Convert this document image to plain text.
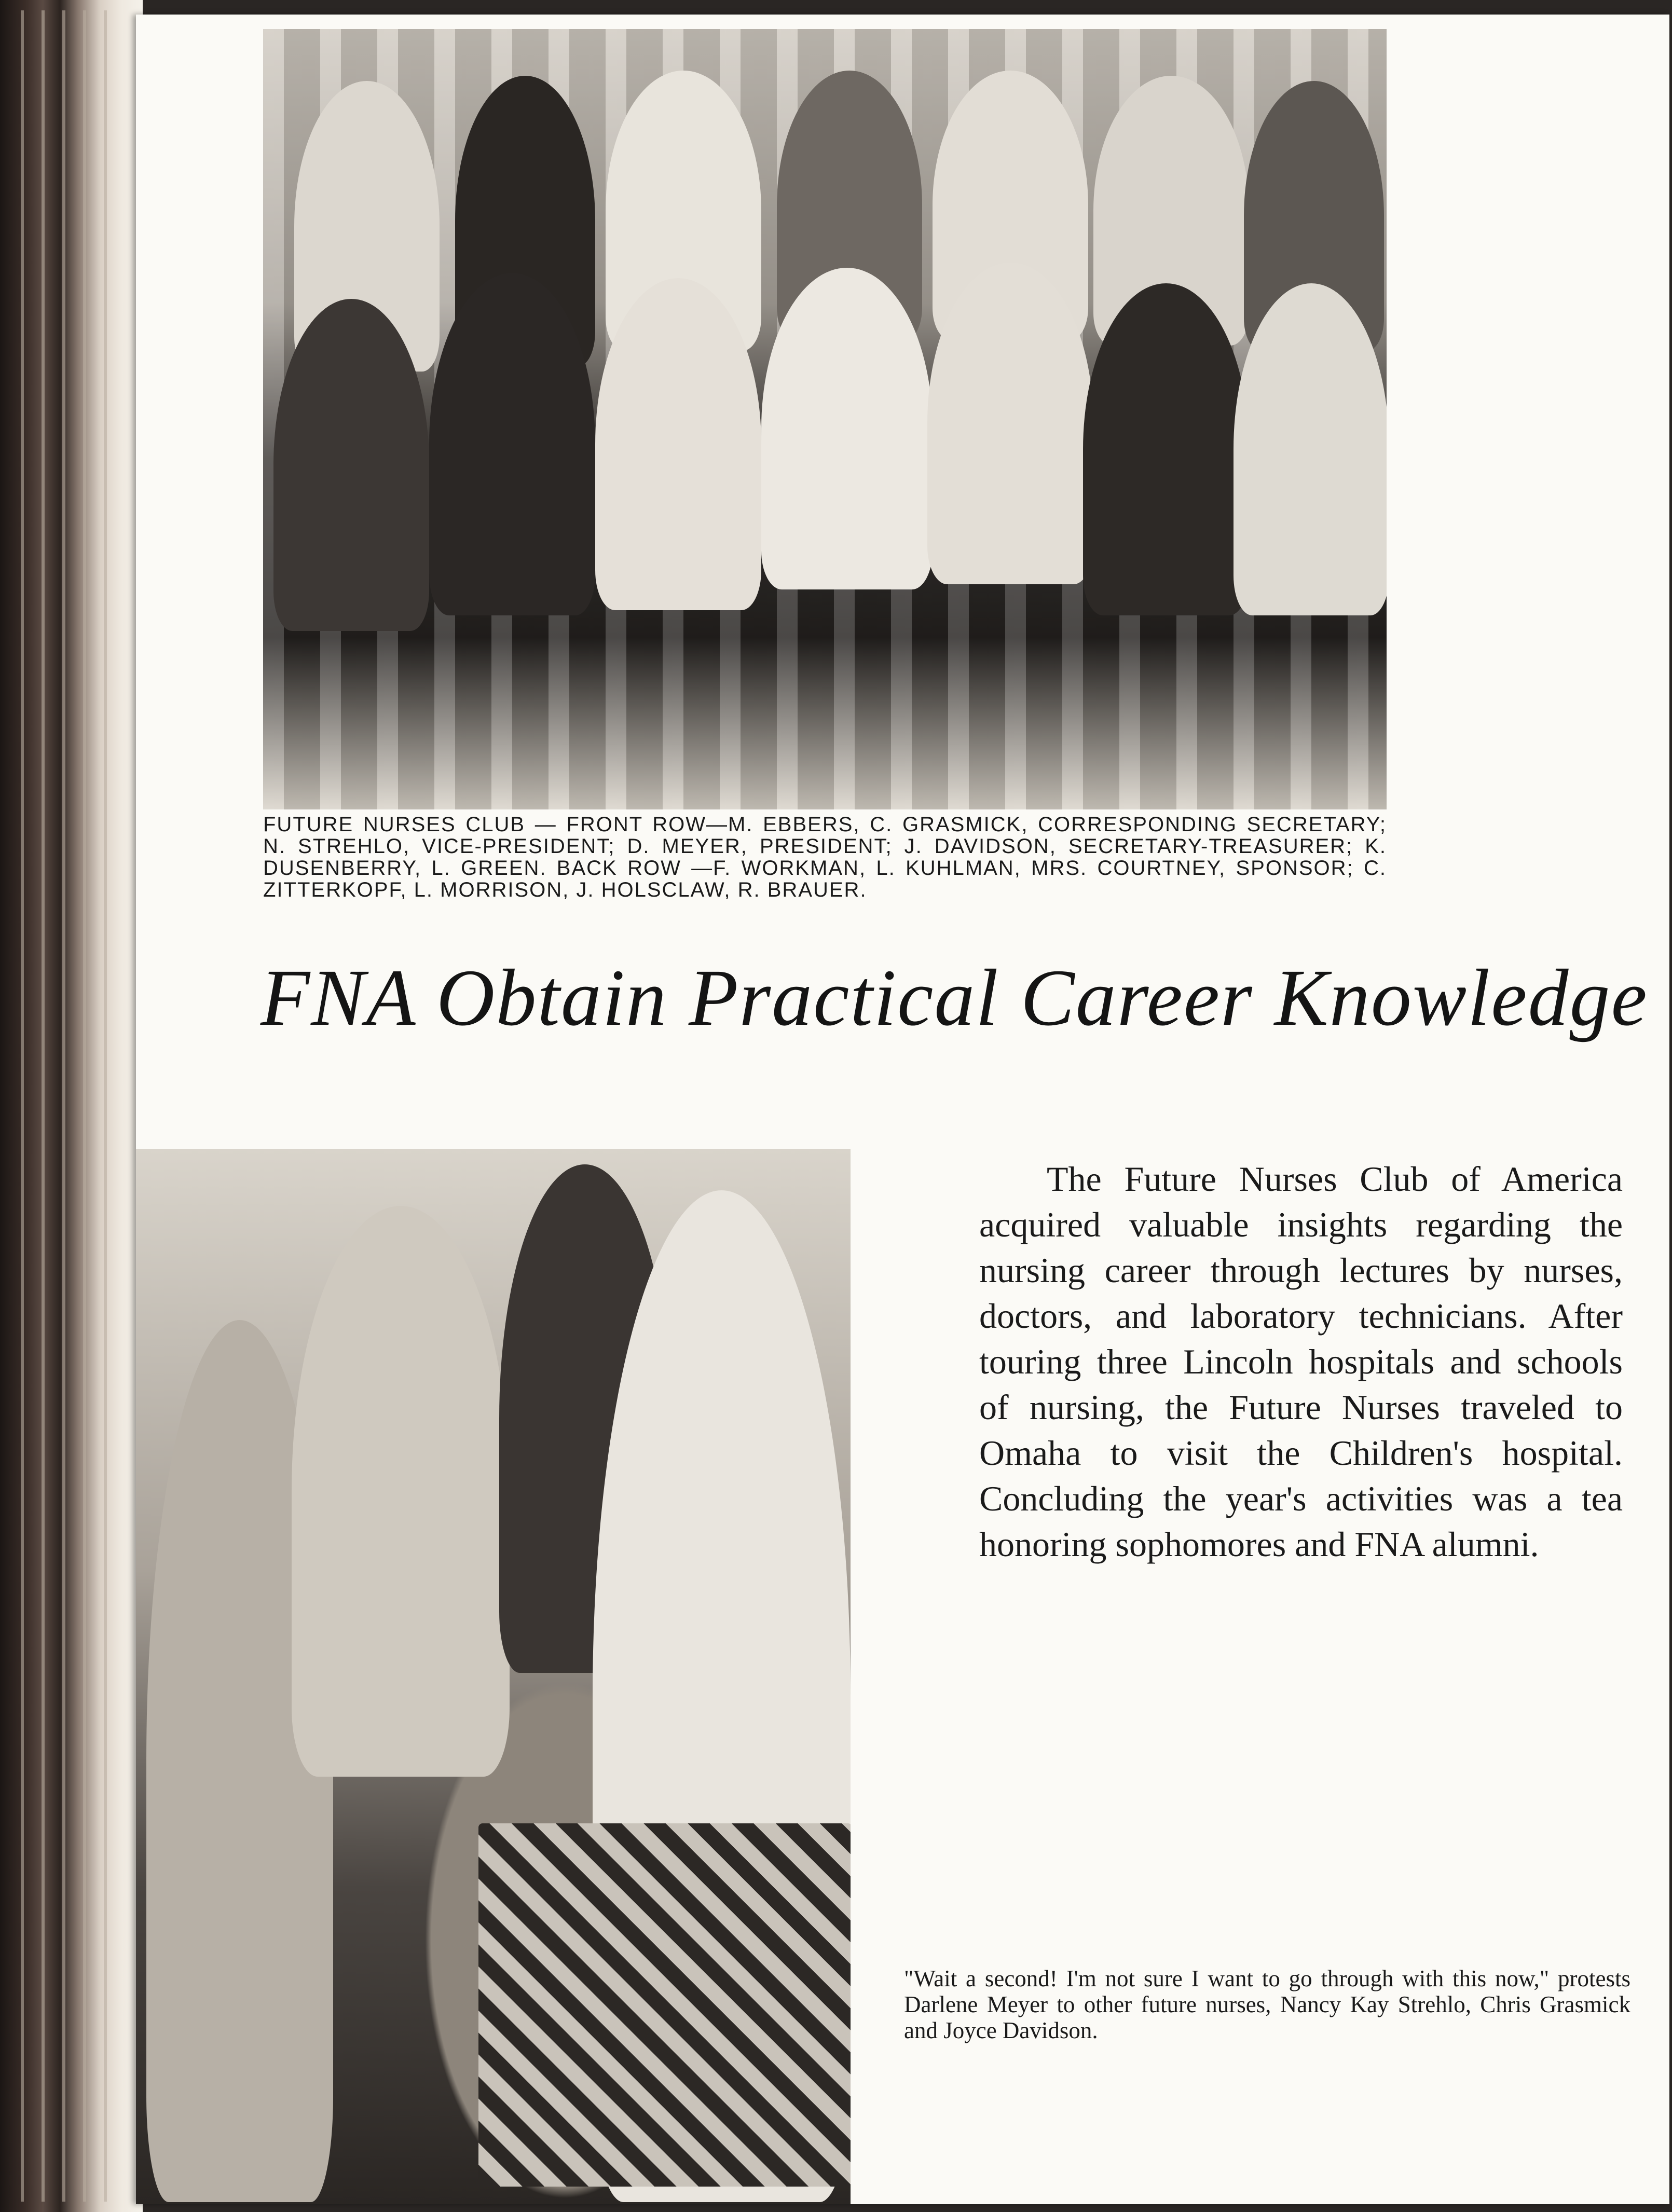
FUTURE NURSES CLUB — FRONT ROW—M. EBBERS, C. GRASMICK, CORRESPONDING SECRETARY; N. STREHLO, VICE-PRESIDENT; D. MEYER, PRESIDENT; J. DAVIDSON, SECRETARY-TREASURER; K. DUSENBERRY, L. GREEN. BACK ROW —F. WORKMAN, L. KUHLMAN, MRS. COURTNEY, SPONSOR; C. ZITTERKOPF, L. MORRISON, J. HOLSCLAW, R. BRAUER.
FNA Obtain Practical Career Knowledge
The Future Nurses Club of America acquired valuable insights regarding the nursing career through lectures by nurses, doctors, and laboratory technicians. After touring three Lincoln hospitals and schools of nursing, the Future Nurses traveled to Omaha to visit the Children's hospital. Concluding the year's activities was a tea honoring sophomores and FNA alumni.
"Wait a second! I'm not sure I want to go through with this now," protests Darlene Meyer to other future nurses, Nancy Kay Strehlo, Chris Grasmick and Joyce Davidson.
